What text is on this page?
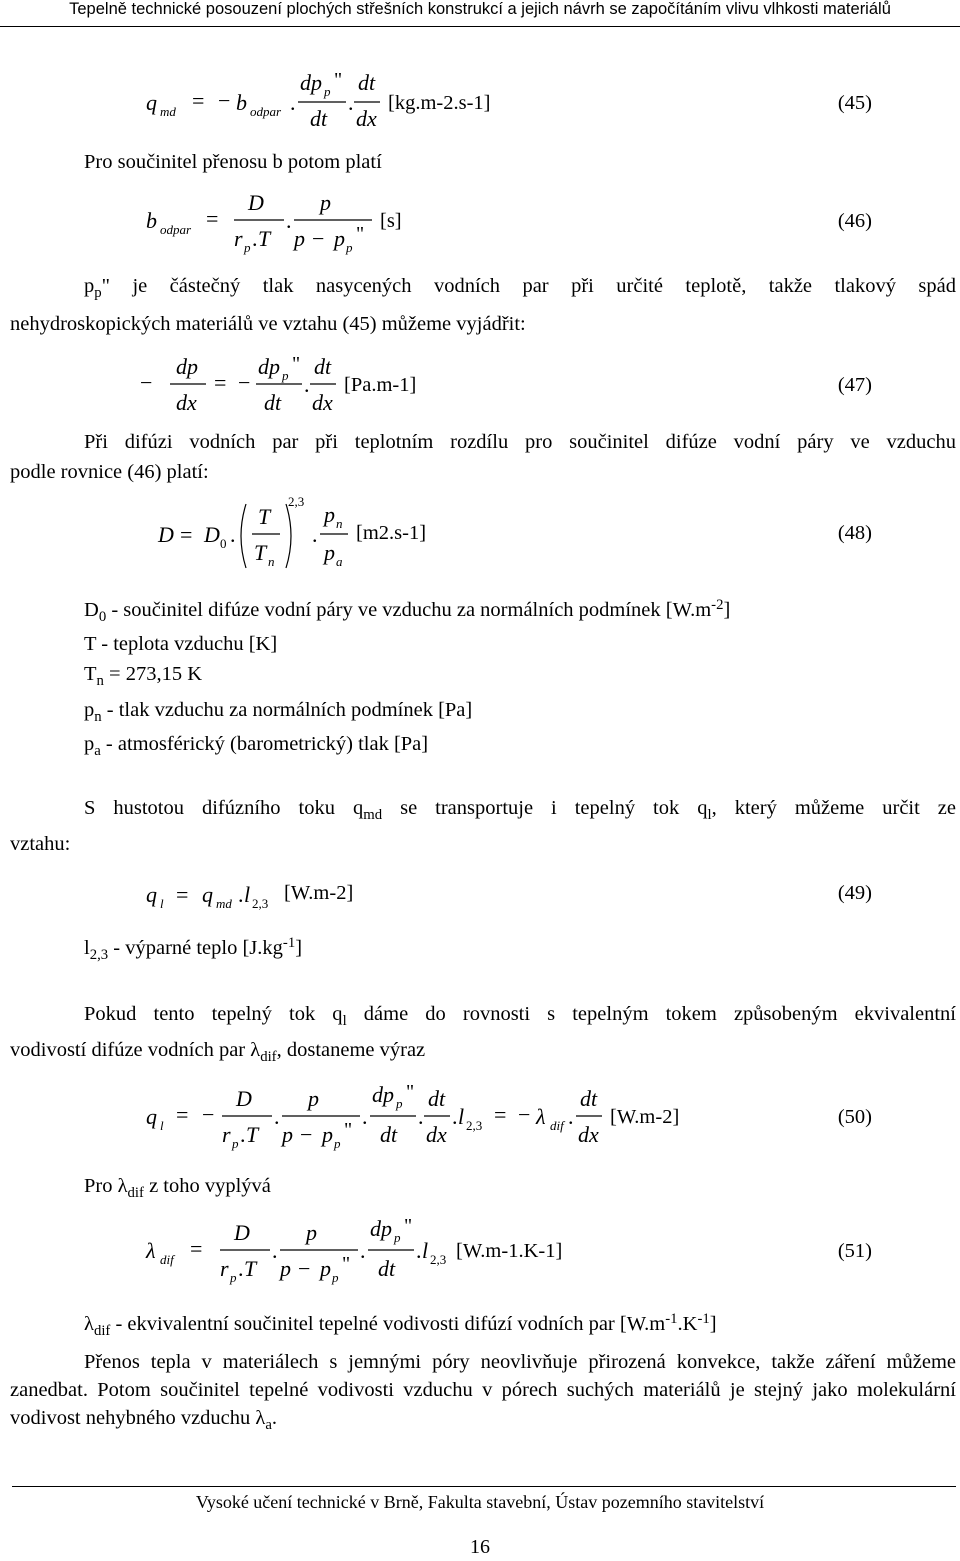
Tepelně technické posouzení plochých střešních konstrukcí a jejich návrh se započítáním vlivu vlhkosti materiálů
q md = − b odpar .
dp p
"
dt
.
dt
dx
[kg.m-2.s-1]	(45)
Pro součinitel přenosu b potom platí
b odpar =
D
r p . T
.
p
p − p p
"
[s]	(46)
$p_p$" je částečný tlak nasycených vodních par při určité teplotě, takže tlakový spád
nehydroskopických materiálů ve vztahu (45) můžeme vyjádřit:
−
dp
dx
= −
dp p
"
dt
.
dt
dx
[Pa.m-1]	(47)
Při difúzi vodních par při teplotním rozdílu pro součinitel difúze vodní páry ve vzduchu
podle rovnice (46) platí:
D = D 0 .
T
T n
2,3
.
p n
p a
[m2.s-1]	(48)
$D_0$ - součinitel difúze vodní páry ve vzduchu za normálních podmínek $[W.m^{-2}]$
T - teplota vzduchu [K]
$T_n = 273,15$ K
$p_n$ - tlak vzduchu za normálních podmínek [Pa]
$p_a$ - atmosférický (barometrický) tlak [Pa]
S hustotou difúzního toku $q_{md}$ se transportuje i tepelný tok $q_l$, který můžeme určit ze
vztahu:
q l = q md . l 2,3 [W.m-2]	(49)
$l_{2,3}$ - výparné teplo $[J.kg^{-1}]$
Pokud tento tepelný tok $q_l$ dáme do rovnosti s tepelným tokem způsobeným ekvivalentní
vodivostí difúze vodních par $\lambda_{dif}$, dostaneme výraz
q l = −
D
r p . T
.
p
p − p p
"
.
dp p
"
dt
.
dt
dx
. l 2,3 = − λ dif .
dt
dx
[W.m-2]	(50)
Pro $\lambda_{dif}$ z toho vyplývá
λ dif =
D
r p . T
.
p
p − p p
"
.
dp p
"
dt
. l 2,3 [W.m-1.K-1]	(51)
$\lambda_{dif}$ - ekvivalentní součinitel tepelné vodivosti difúzí vodních par $[W.m^{-1}.K^{-1}]$
Přenos tepla v materiálech s jemnými póry neovlivňuje přirozená konvekce, takže záření můžeme zanedbat. Potom součinitel tepelné vodivosti vzduchu v pórech suchých materiálů je stejný jako molekulární vodivost nehybného vzduchu $\lambda_a$.
Vysoké učení technické v Brně, Fakulta stavební, Ústav pozemního stavitelství
16
